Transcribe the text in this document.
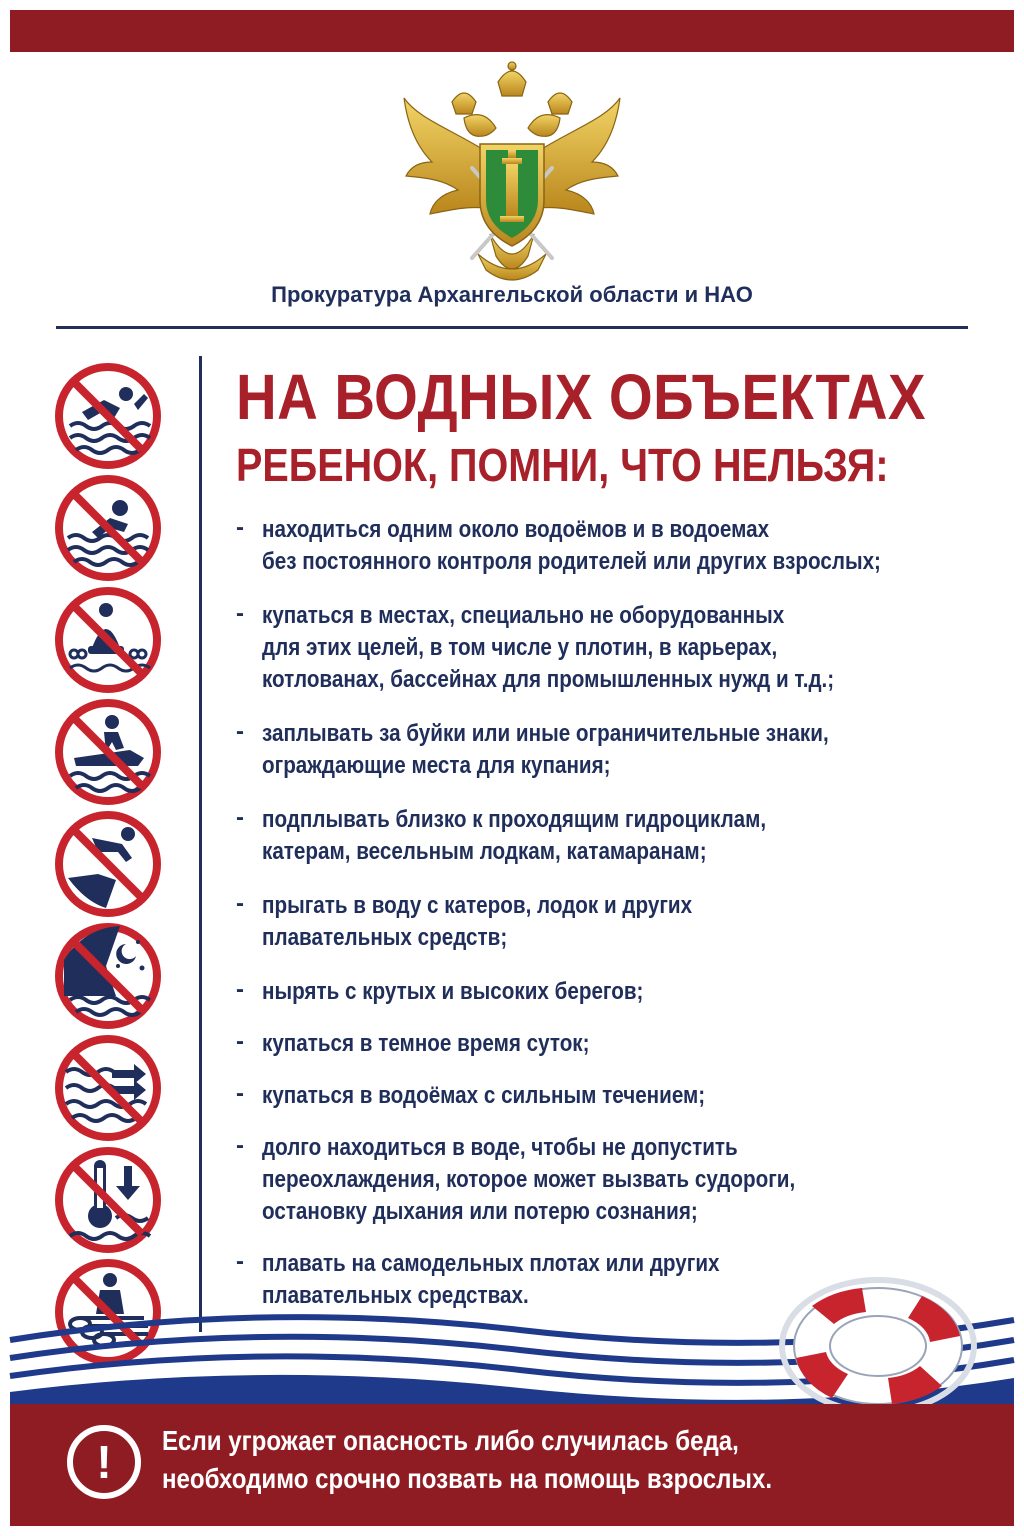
Прокуратура Архангельской области и НАО
НА ВОДНЫХ ОБЪЕКТАХ
РЕБЕНОК, ПОМНИ, ЧТО НЕЛЬЗЯ:
- находиться одним около водоёмов и в водоемах
без постоянного контроля родителей или других взрослых;
- купаться в местах, специально не оборудованных
для этих целей, в том числе у плотин, в карьерах,
котлованах, бассейнах для промышленных нужд и т.д.;
- заплывать за буйки или иные ограничительные знаки,
ограждающие места для купания;
- подплывать близко к проходящим гидроциклам,
катерам, весельным лодкам, катамаранам;
- прыгать в воду с катеров, лодок и других
плавательных средств;
- нырять с крутых и высоких берегов;
- купаться в темное время суток;
- купаться в водоёмах с сильным течением;
- долго находиться в воде, чтобы не допустить
переохлаждения, которое может вызвать судороги,
остановку дыхания или потерю сознания;
- плавать на самодельных плотах или других
плавательных средствах.
! Если угрожает опасность либо случилась беда,
необходимо срочно позвать на помощь взрослых.
